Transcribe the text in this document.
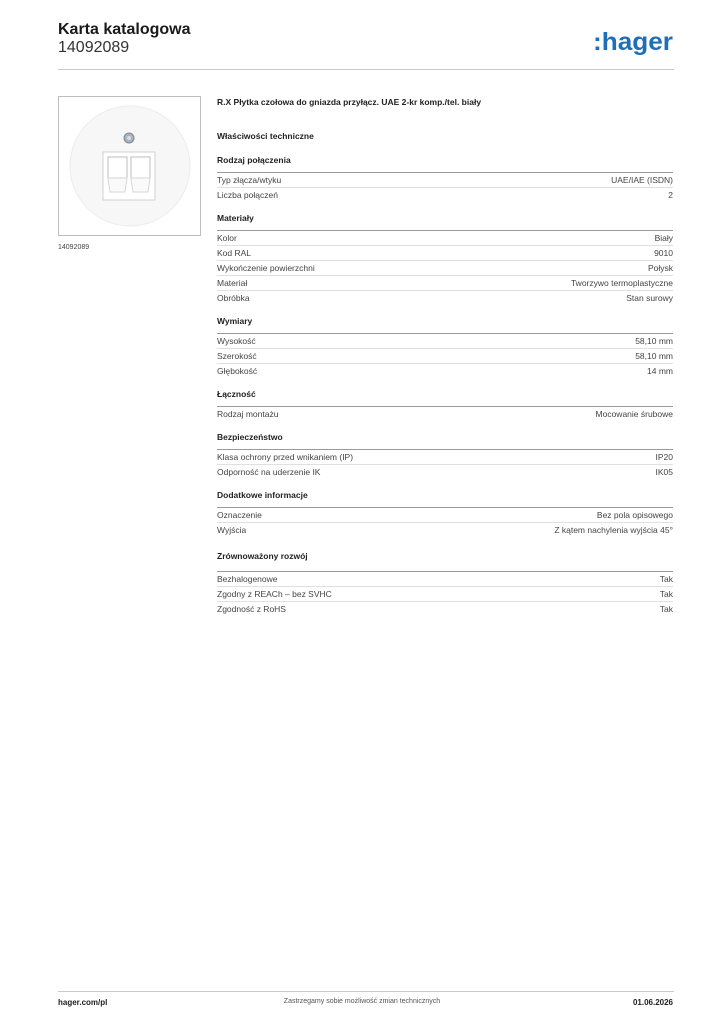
Karta katalogowa
14092089	:hager
14092089
R.X Płytka czołowa do gniazda przyłącz. UAE 2-kr komp./tel. biały
Właściwości techniczne
Rodzaj połączenia
Typ złącza/wtyku	UAE/IAE (ISDN)
Liczba połączeń	2
Materiały
Kolor	Biały
Kod RAL	9010
Wykończenie powierzchni	Połysk
Materiał	Tworzywo termoplastyczne
Obróbka	Stan surowy
Wymiary
Wysokość	58,10 mm
Szerokość	58,10 mm
Głębokość	14 mm
Łączność
Rodzaj montażu	Mocowanie śrubowe
Bezpieczeństwo
Klasa ochrony przed wnikaniem (IP)	IP20
Odporność na uderzenie IK	IK05
Dodatkowe informacje
Oznaczenie	Bez pola opisowego
Wyjścia	Z kątem nachylenia wyjścia 45°
Zrównoważony rozwój
Bezhalogenowe	Tak
Zgodny z REACh – bez SVHC	Tak
Zgodność z RoHS	Tak
hager.com/pl	Zastrzegamy sobie możliwość zmian technicznych	01.06.2026
